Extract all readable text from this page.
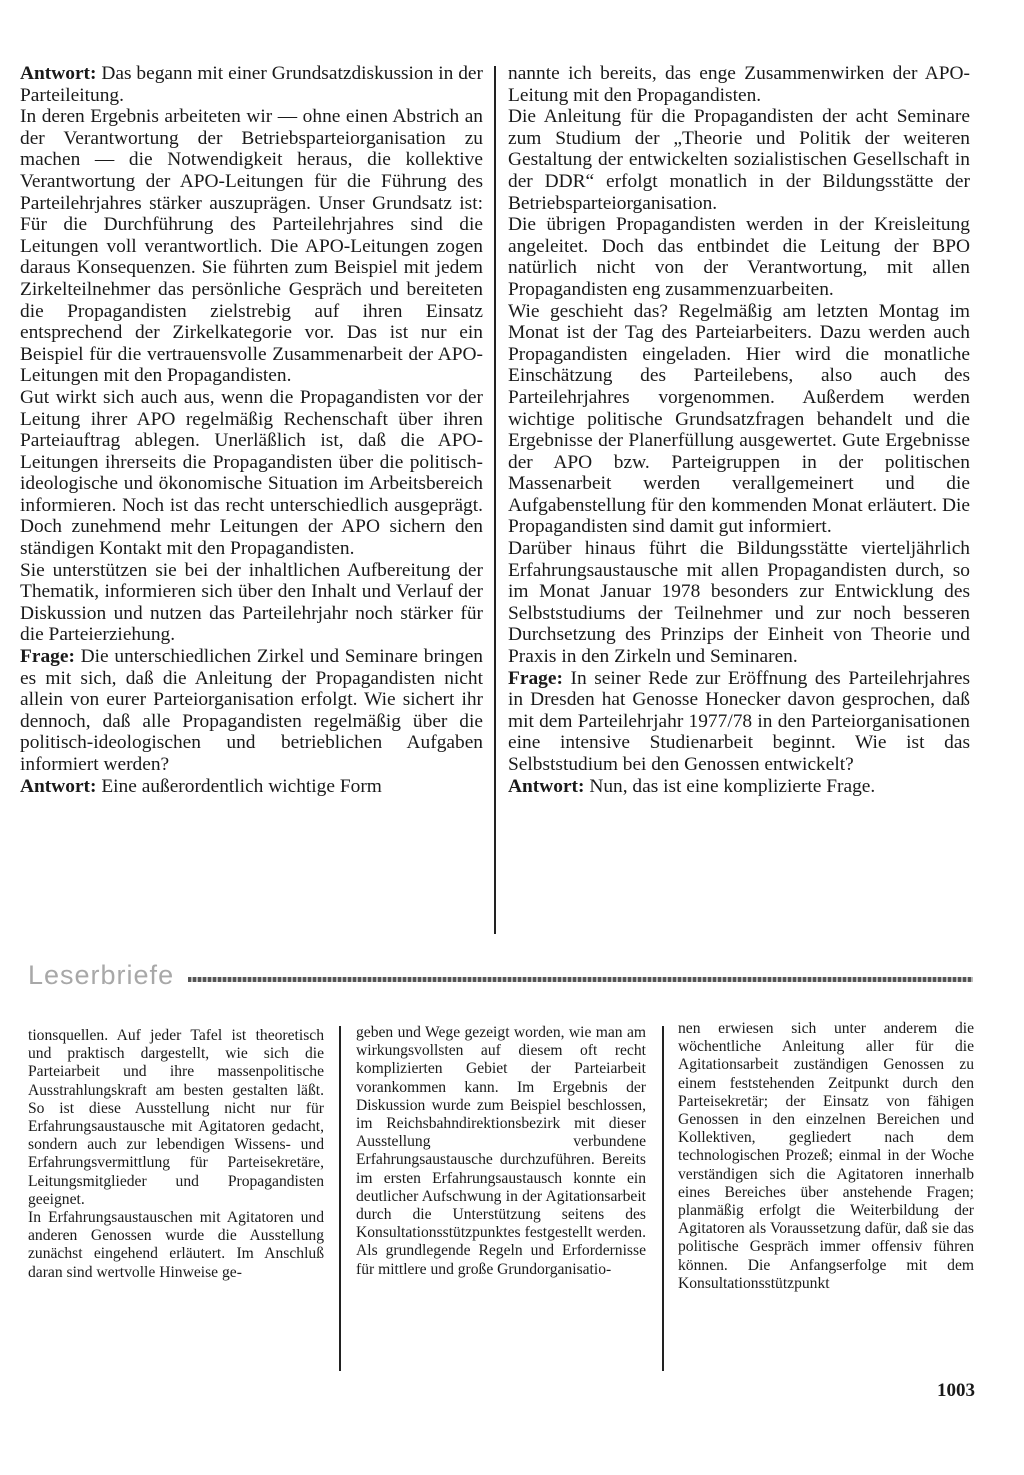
Antwort: Das begann mit einer Grundsatzdiskussion in der Parteileitung.

In deren Ergebnis arbeiteten wir — ohne einen Abstrich an der Verantwortung der Betriebsparteiorganisation zu machen — die Notwendigkeit heraus, die kollektive Verantwortung der APO-Leitungen für die Führung des Parteilehrjahres stärker auszuprägen. Unser Grundsatz ist: Für die Durchführung des Parteilehrjahres sind die Leitungen voll verantwortlich. Die APO-Leitungen zogen daraus Konsequenzen. Sie führten zum Beispiel mit jedem Zirkelteilnehmer das persönliche Gespräch und bereiteten die Propagandisten zielstrebig auf ihren Einsatz entsprechend der Zirkelkategorie vor. Das ist nur ein Beispiel für die vertrauensvolle Zusammenarbeit der APO-Leitungen mit den Propagandisten.

Gut wirkt sich auch aus, wenn die Propagandisten vor der Leitung ihrer APO regelmäßig Rechenschaft über ihren Parteiauftrag ablegen. Unerläßlich ist, daß die APO-Leitungen ihrerseits die Propagandisten über die politisch-ideologische und ökonomische Situation im Arbeitsbereich informieren. Noch ist das recht unterschiedlich ausgeprägt. Doch zunehmend mehr Leitungen der APO sichern den ständigen Kontakt mit den Propagandisten.

Sie unterstützen sie bei der inhaltlichen Aufbereitung der Thematik, informieren sich über den Inhalt und Verlauf der Diskussion und nutzen das Parteilehrjahr noch stärker für die Parteierziehung.

Frage: Die unterschiedlichen Zirkel und Seminare bringen es mit sich, daß die Anleitung der Propagandisten nicht allein von eurer Parteiorganisation erfolgt. Wie sichert ihr dennoch, daß alle Propagandisten regelmäßig über die politisch-ideologischen und betrieblichen Aufgaben informiert werden?

Antwort: Eine außerordentlich wichtige Form

nannte ich bereits, das enge Zusammenwirken der APO-Leitung mit den Propagandisten.

Die Anleitung für die Propagandisten der acht Seminare zum Studium der „Theorie und Politik der weiteren Gestaltung der entwickelten sozialistischen Gesellschaft in der DDR“ erfolgt monatlich in der Bildungsstätte der Betriebsparteiorganisation.

Die übrigen Propagandisten werden in der Kreisleitung angeleitet. Doch das entbindet die Leitung der BPO natürlich nicht von der Verantwortung, mit allen Propagandisten eng zusammenzuarbeiten.

Wie geschieht das? Regelmäßig am letzten Montag im Monat ist der Tag des Parteiarbeiters. Dazu werden auch Propagandisten eingeladen. Hier wird die monatliche Einschätzung des Parteilebens, also auch des Parteilehrjahres vorgenommen. Außerdem werden wichtige politische Grundsatzfragen behandelt und die Ergebnisse der Planerfüllung ausgewertet. Gute Ergebnisse der APO bzw. Parteigruppen in der politischen Massenarbeit werden verallgemeinert und die Aufgabenstellung für den kommenden Monat erläutert. Die Propagandisten sind damit gut informiert.

Darüber hinaus führt die Bildungsstätte vierteljährlich Erfahrungsaustausche mit allen Propagandisten durch, so im Monat Januar 1978 besonders zur Entwicklung des Selbststudiums der Teilnehmer und zur noch besseren Durchsetzung des Prinzips der Einheit von Theorie und Praxis in den Zirkeln und Seminaren.

Frage: In seiner Rede zur Eröffnung des Parteilehrjahres in Dresden hat Genosse Honecker davon gesprochen, daß mit dem Parteilehrjahr 1977/78 in den Parteiorganisationen eine intensive Studienarbeit beginnt. Wie ist das Selbststudium bei den Genossen entwickelt?

Antwort: Nun, das ist eine komplizierte Frage.

Leserbriefe

tionsquellen. Auf jeder Tafel ist theoretisch und praktisch dargestellt, wie sich die Parteiarbeit und ihre massenpolitische Ausstrahlungskraft am besten gestalten läßt. So ist diese Ausstellung nicht nur für Erfahrungsaustausche mit Agitatoren gedacht, sondern auch zur lebendigen Wissens- und Erfahrungsvermittlung für Parteisekretäre, Leitungsmitglieder und Propagandisten geeignet.

In Erfahrungsaustauschen mit Agitatoren und anderen Genossen wurde die Ausstellung zunächst eingehend erläutert. Im Anschluß daran sind wertvolle Hinweise ge-

geben und Wege gezeigt worden, wie man am wirkungsvollsten auf diesem oft recht komplizierten Gebiet der Parteiarbeit vorankommen kann. Im Ergebnis der Diskussion wurde zum Beispiel beschlossen, im Reichsbahndirektionsbezirk mit dieser Ausstellung verbundene Erfahrungsaustausche durchzuführen. Bereits im ersten Erfahrungsaustausch konnte ein deutlicher Aufschwung in der Agitationsarbeit durch die Unterstützung seitens des Konsultationsstützpunktes festgestellt werden. Als grundlegende Regeln und Erfordernisse für mittlere und große Grundorganisatio-

nen erwiesen sich unter anderem die wöchentliche Anleitung aller für die Agitationsarbeit zuständigen Genossen zu einem feststehenden Zeitpunkt durch den Parteisekretär; der Einsatz von fähigen Genossen in den einzelnen Bereichen und Kollektiven, gegliedert nach dem technologischen Prozeß; einmal in der Woche verständigen sich die Agitatoren innerhalb eines Bereiches über anstehende Fragen; planmäßig erfolgt die Weiterbildung der Agitatoren als Voraussetzung dafür, daß sie das politische Gespräch immer offensiv führen können. Die Anfangserfolge mit dem Konsultationsstützpunkt

1003
